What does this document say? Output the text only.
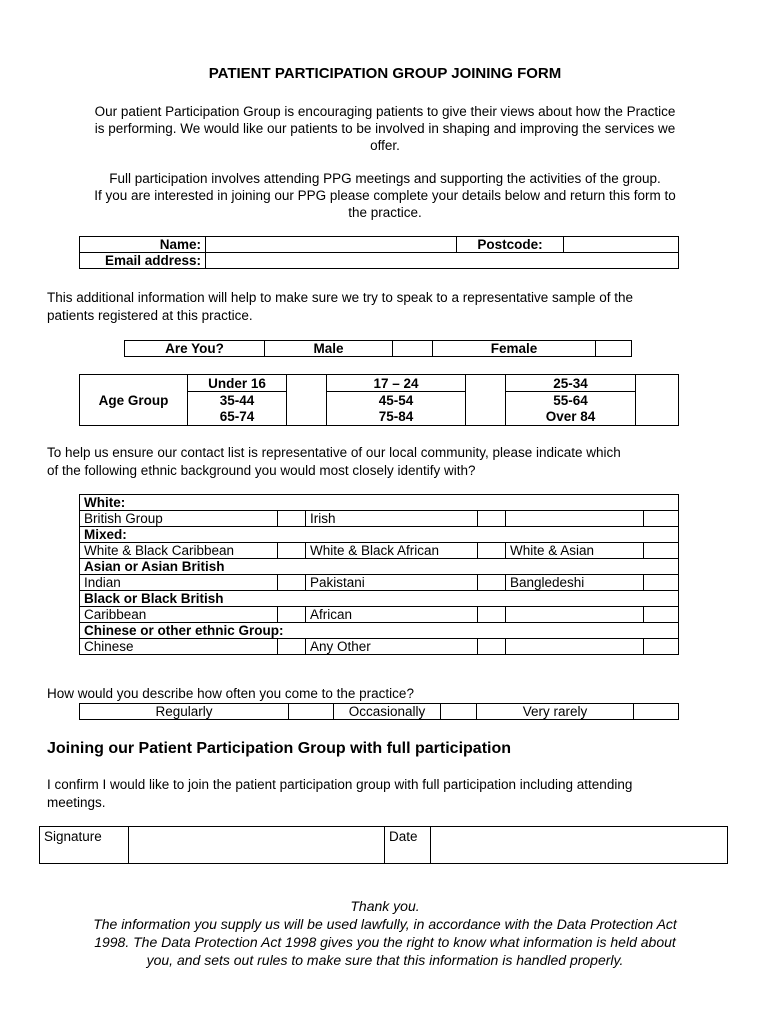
PATIENT PARTICIPATION GROUP JOINING FORM
Our patient Participation Group is encouraging patients to give their views about how the Practice
is performing. We would like our patients to be involved in shaping and improving the services we
offer.
Full participation involves attending PPG meetings and supporting the activities of the group.
If you are interested in joining our PPG please complete your details below and return this form to
the practice.
Name:		Postcode:	
Email address:			
This additional information will help to make sure we try to speak to a representative sample of the
patients registered at this practice.
Are You?	Male		Female	
Age Group	Under 16		17 – 24		25-34	
	35-44		45-54		55-64	
	65-74		75-84		Over 84	
To help us ensure our contact list is representative of our local community, please indicate which
of the following ethnic background you would most closely identify with?
White:					
British Group		Irish			
Mixed:					
White & Black Caribbean		White & Black African		White & Asian	
Asian or Asian British					
Indian		Pakistani		Bangledeshi	
Black or Black British					
Caribbean		African			
Chinese or other ethnic Group:					
Chinese		Any Other			
How would you describe how often you come to the practice?
Regularly		Occasionally		Very rarely	
Joining our Patient Participation Group with full participation
I confirm I would like to join the patient participation group with full participation including attending
meetings.
Signature		Date	
Thank you.
The information you supply us will be used lawfully, in accordance with the Data Protection Act
1998. The Data Protection Act 1998 gives you the right to know what information is held about
you, and sets out rules to make sure that this information is handled properly.
